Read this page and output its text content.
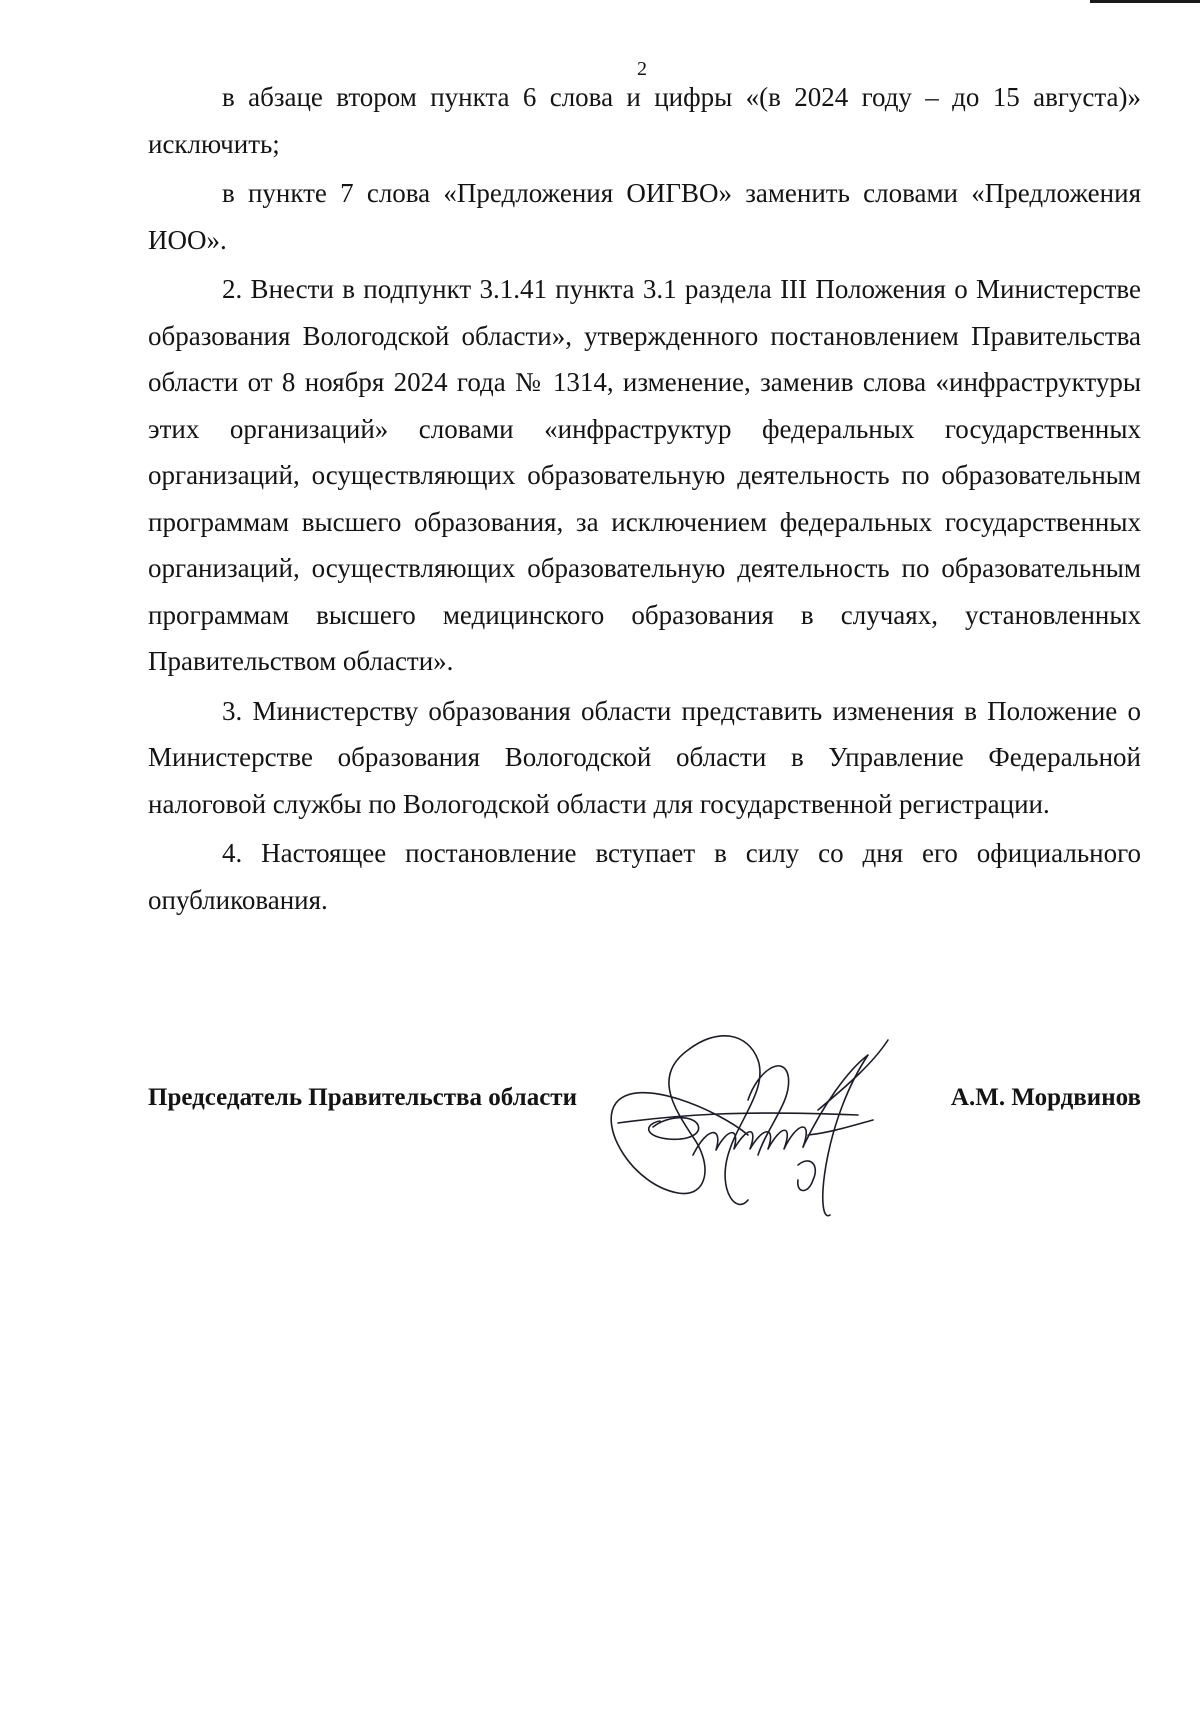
2

в абзаце втором пункта 6 слова и цифры «(в 2024 году – до 15 августа)» исключить;

в пункте 7 слова «Предложения ОИГВО» заменить словами «Предложения ИОО».

2. Внести в подпункт 3.1.41 пункта 3.1 раздела III Положения о Министерстве образования Вологодской области», утвержденного постановлением Правительства области от 8 ноября 2024 года № 1314, изменение, заменив слова «инфраструктуры этих организаций» словами «инфраструктур федеральных государственных организаций, осуществляющих образовательную деятельность по образовательным программам высшего образования, за исключением федеральных государственных организаций, осуществляющих образовательную деятельность по образовательным программам высшего медицинского образования в случаях, установленных Правительством области».

3. Министерству образования области представить изменения в Положение о Министерстве образования Вологодской области в Управление Федеральной налоговой службы по Вологодской области для государственной регистрации.

4. Настоящее постановление вступает в силу со дня его официального опубликования.

Председатель Правительства области	А.М. Мордвинов
